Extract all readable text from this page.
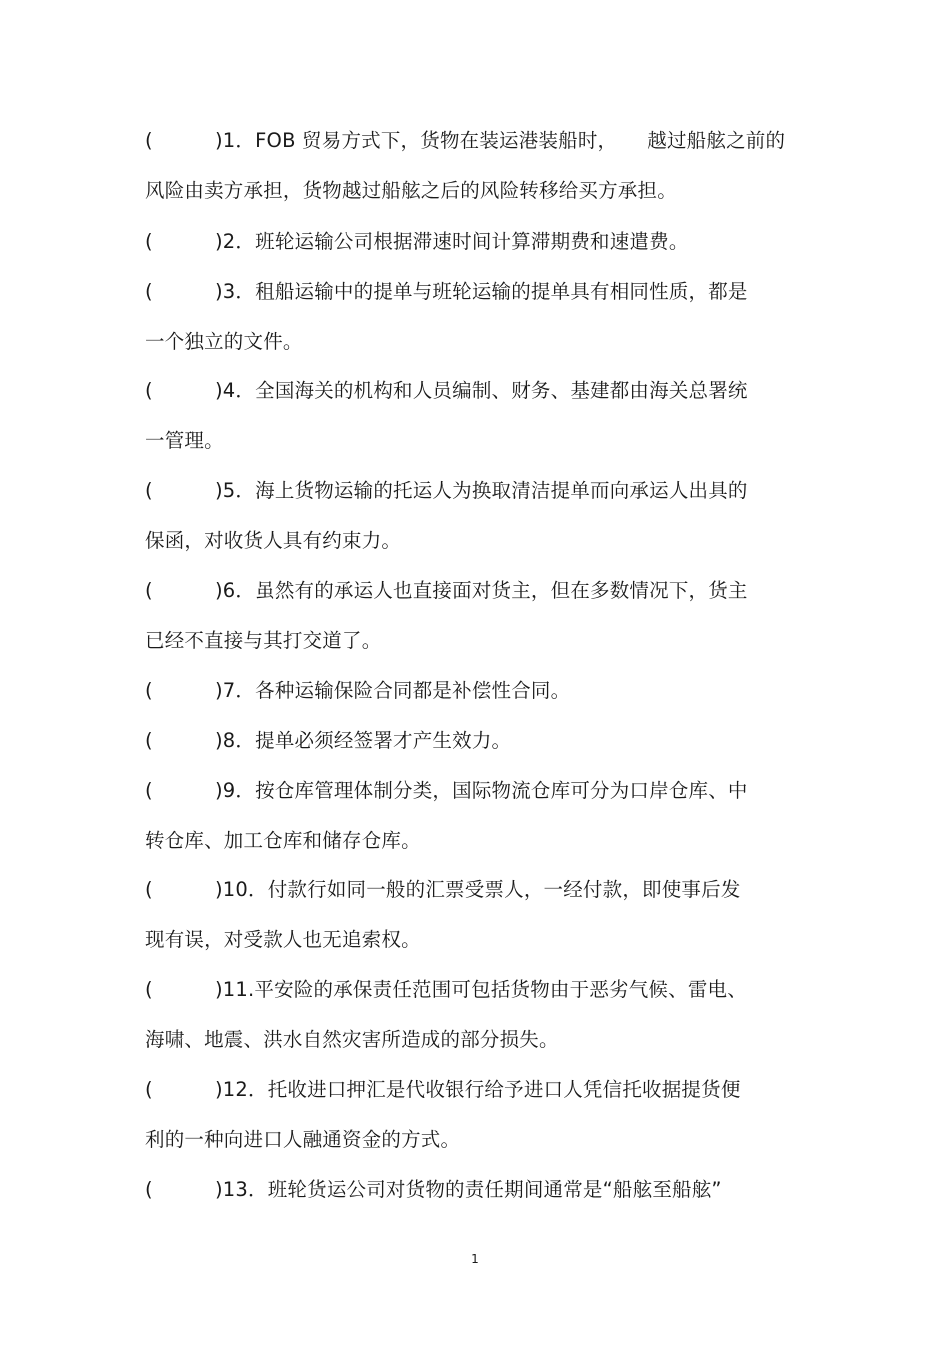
(　　)1．FOB 贸易方式下，货物在装运港装船时， 越过船舷之前的
风险由卖方承担，货物越过船舷之后的风险转移给买方承担。
(　　)2．班轮运输公司根据滞速时间计算滞期费和速遣费。
(　　)3．租船运输中的提单与班轮运输的提单具有相同性质，都是
一个独立的文件。
(　　)4．全国海关的机构和人员编制、财务、基建都由海关总署统
一管理。
(　　)5．海上货物运输的托运人为换取清洁提单而向承运人出具的
保函，对收货人具有约束力。
(　　)6．虽然有的承运人也直接面对货主，但在多数情况下，货主
已经不直接与其打交道了。
(　　)7．各种运输保险合同都是补偿性合同。
(　　)8．提单必须经签署才产生效力。
(　　)9．按仓库管理体制分类，国际物流仓库可分为口岸仓库、中
转仓库、加工仓库和储存仓库。
(　　)10．付款行如同一般的汇票受票人，一经付款，即使事后发
现有误，对受款人也无追索权。
(　　)11.平安险的承保责任范围可包括货物由于恶劣气候、雷电、
海啸、地震、洪水自然灾害所造成的部分损失。
(　　)12．托收进口押汇是代收银行给予进口人凭信托收据提货便
利的一种向进口人融通资金的方式。
(　　)13．班轮货运公司对货物的责任期间通常是“船舷至船舷”
1
